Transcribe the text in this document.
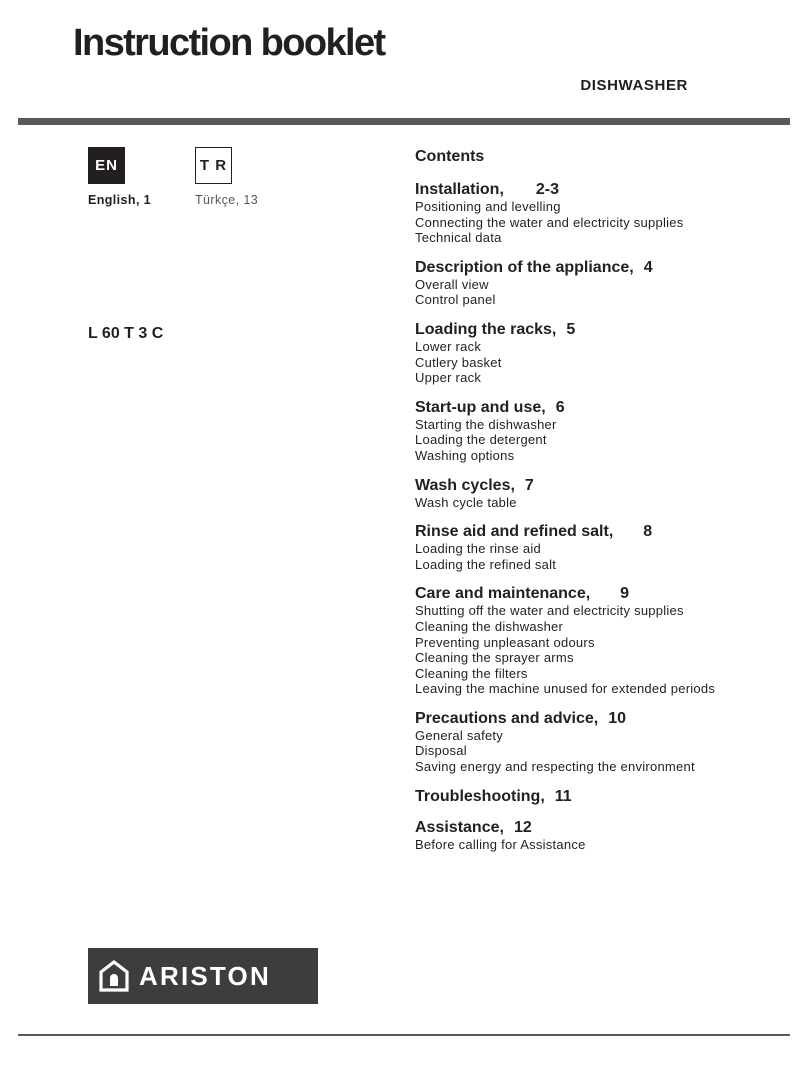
Instruction booklet
DISHWASHER
EN
English, 1
T R
Türkçe, 13
L 60 T 3 C
Contents
Installation, 2-3
Positioning and levelling
Connecting the water and electricity supplies
Technical data
Description of the appliance, 4
Overall view
Control panel
Loading the racks, 5
Lower rack
Cutlery basket
Upper rack
Start-up and use, 6
Starting the dishwasher
Loading the detergent
Washing options
Wash cycles, 7
Wash cycle table
Rinse aid and refined salt, 8
Loading the rinse aid
Loading the refined salt
Care and maintenance, 9
Shutting off the water and electricity supplies
Cleaning the dishwasher
Preventing unpleasant odours
Cleaning the sprayer arms
Cleaning the filters
Leaving the machine unused for extended periods
Precautions and advice, 10
General safety
Disposal
Saving energy and respecting the environment
Troubleshooting, 11
Assistance, 12
Before calling for Assistance
ARISTON
